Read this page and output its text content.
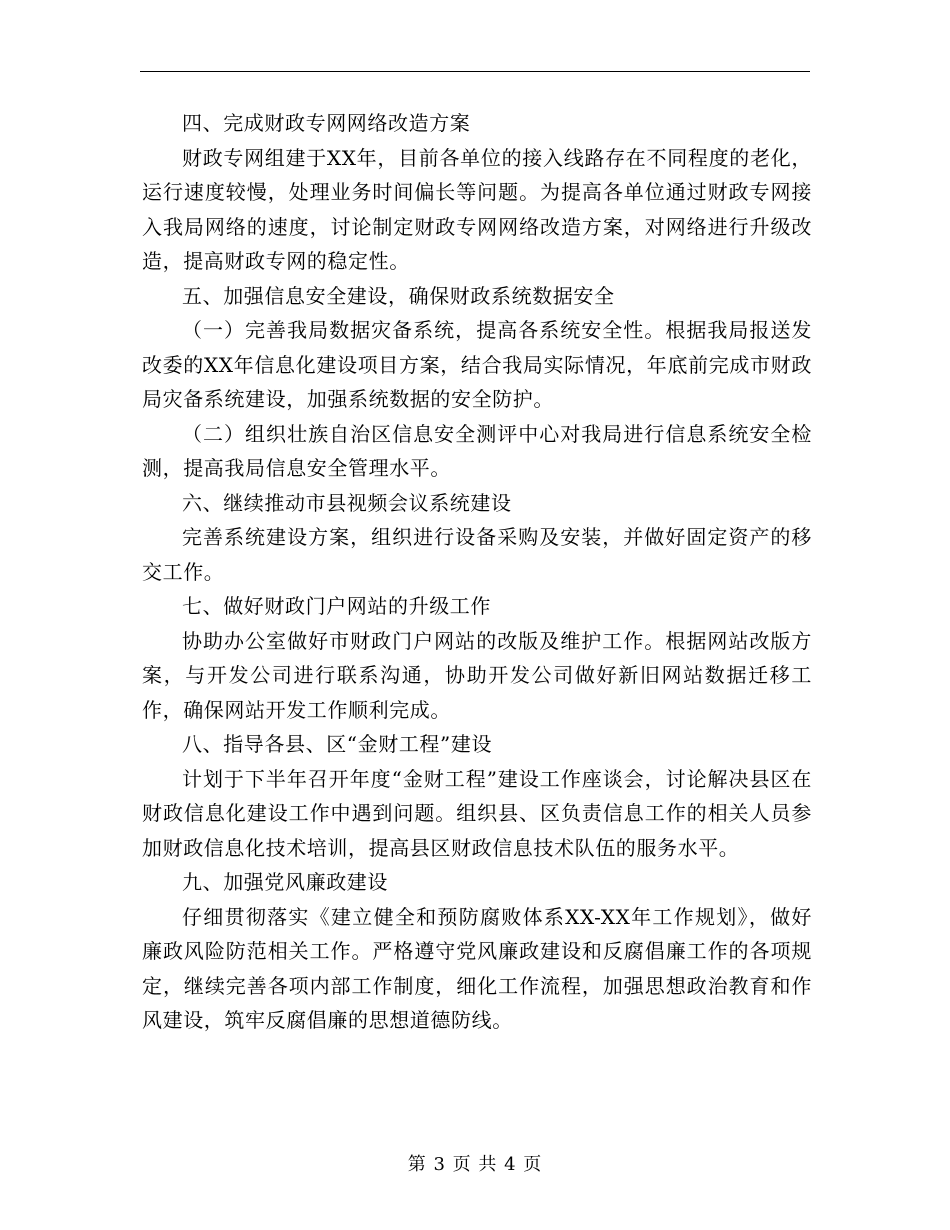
四、完成财政专网网络改造方案

财政专网组建于XX年，目前各单位的接入线路存在不同程度的老化，运行速度较慢，处理业务时间偏长等问题。为提高各单位通过财政专网接入我局网络的速度，讨论制定财政专网网络改造方案，对网络进行升级改造，提高财政专网的稳定性。

五、加强信息安全建设，确保财政系统数据安全

（一）完善我局数据灾备系统，提高各系统安全性。根据我局报送发改委的XX年信息化建设项目方案，结合我局实际情况，年底前完成市财政局灾备系统建设，加强系统数据的安全防护。

（二）组织壮族自治区信息安全测评中心对我局进行信息系统安全检测，提高我局信息安全管理水平。

六、继续推动市县视频会议系统建设

完善系统建设方案，组织进行设备采购及安装，并做好固定资产的移交工作。

七、做好财政门户网站的升级工作

协助办公室做好市财政门户网站的改版及维护工作。根据网站改版方案，与开发公司进行联系沟通，协助开发公司做好新旧网站数据迁移工作，确保网站开发工作顺利完成。

八、指导各县、区“金财工程”建设

计划于下半年召开年度“金财工程”建设工作座谈会，讨论解决县区在财政信息化建设工作中遇到问题。组织县、区负责信息工作的相关人员参加财政信息化技术培训，提高县区财政信息技术队伍的服务水平。

九、加强党风廉政建设

仔细贯彻落实《建立健全和预防腐败体系XX-XX年工作规划》，做好廉政风险防范相关工作。严格遵守党风廉政建设和反腐倡廉工作的各项规定，继续完善各项内部工作制度，细化工作流程，加强思想政治教育和作风建设，筑牢反腐倡廉的思想道德防线。

第 3 页 共 4 页
